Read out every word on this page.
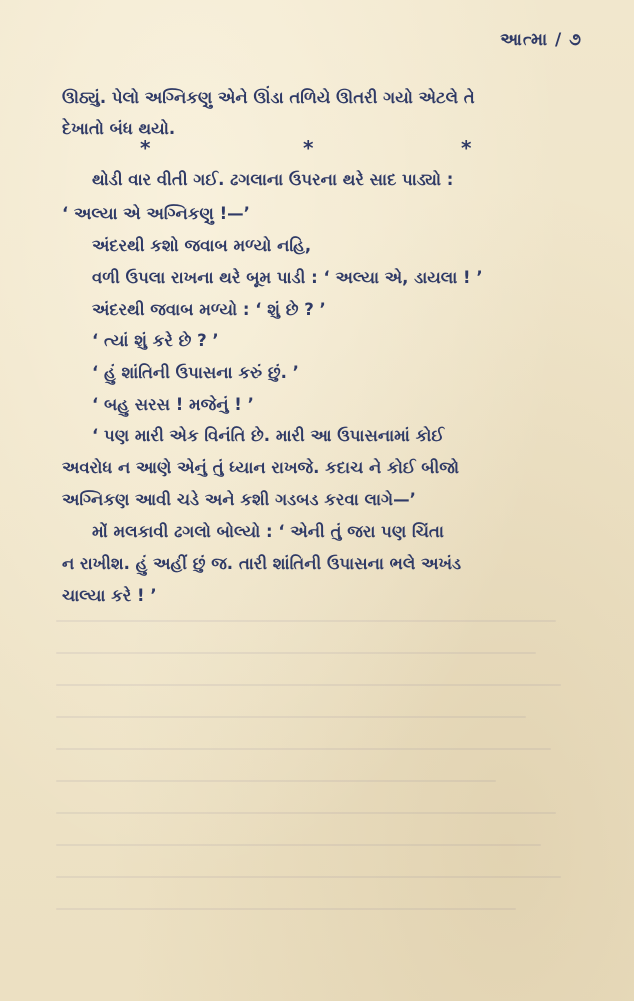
આત્મા / ૭
ઊઠ્યું. પેલો અગ્નિકણુ એને ઊંડા તળિયે ઊતરી ગયો એટલે તે
દેખાતો બંધ થયો.
*	*	*
થોડી વાર વીતી ગઈ. ઢગલાના ઉપરના થરે સાદ પાડ્યો :
‘ અલ્યા એ અગ્નિકણુ !—’
અંદરથી કશો જવાબ મળ્યો નહિ,
વળી ઉપલા રાખના થરે બૂમ પાડી : ‘ અલ્યા એ, ડાયલા ! ’
અંદરથી જવાબ મળ્યો : ‘ શું છે ? ’
‘ ત્યાં શું કરે છે ? ’
‘ હું શાંતિની ઉપાસના કરું છું. ’
‘ બહુ સરસ ! મજેનું ! ’
‘ પણ મારી એક વિનંતિ છે. મારી આ ઉપાસનામાં કોઈ
અવરોધ ન આણે એનું તું ધ્યાન રાખજે. કદાચ ને કોઈ બીજો
અગ્નિકણ આવી ચડે અને કશી ગડબડ કરવા લાગે—’
મોં મલકાવી ઢગલો બોલ્યો : ‘ એની તું જરા પણ ચિંતા
ન રાખીશ. હું અહીં છું જ. તારી શાંતિની ઉપાસના ભલે અખંડ
ચાલ્યા કરે ! ’
